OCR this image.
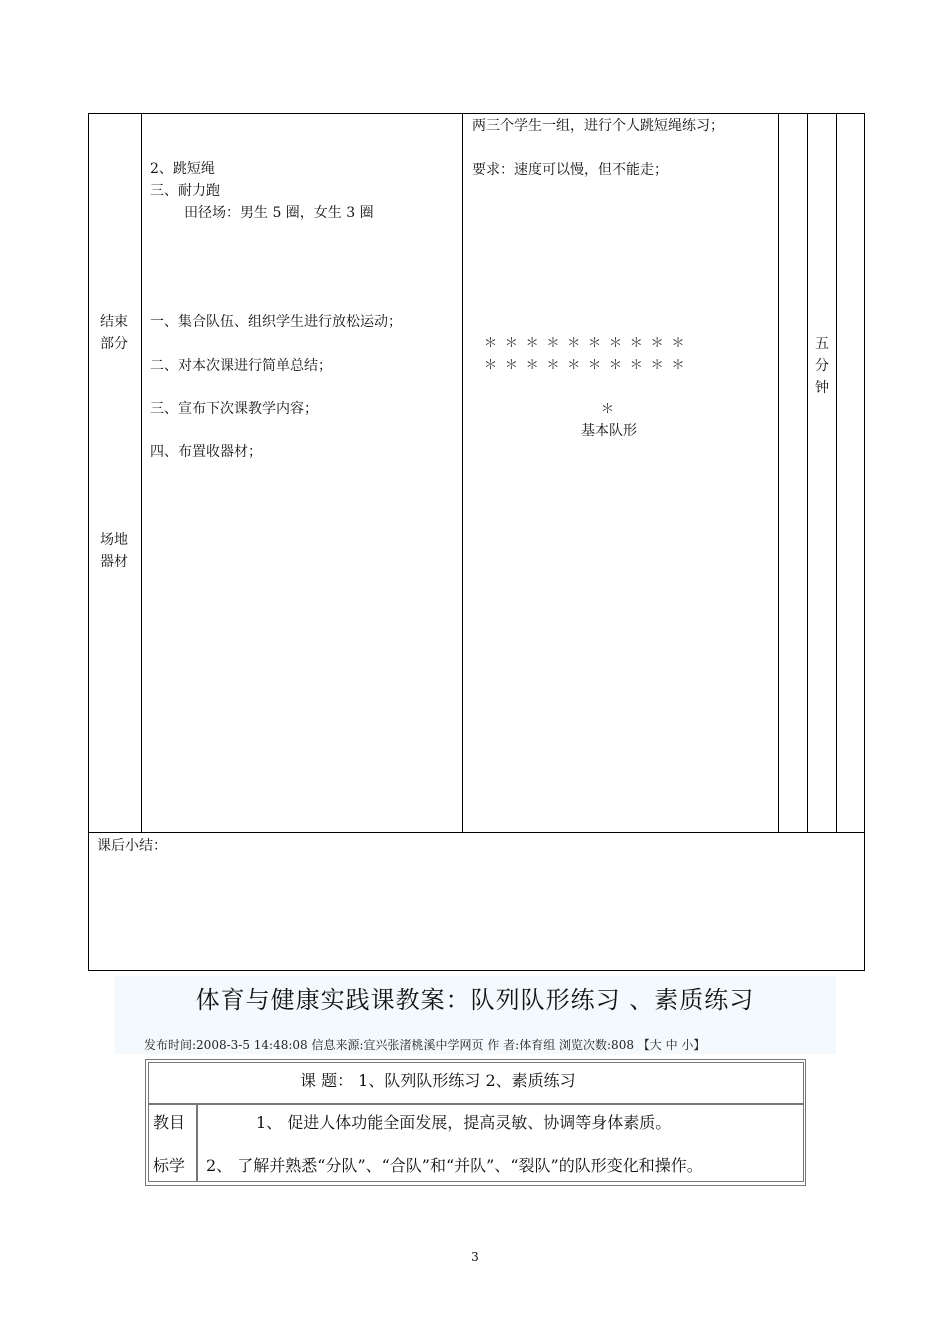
结束部分
场地器材
2、跳短绳
三、耐力跑
田径场：男生 5 圈，女生 3 圈
一、集合队伍、组织学生进行放松运动；
二、对本次课进行简单总结；
三、宣布下次课教学内容；
四、布置收器材；
两三个学生一组，进行个人跳短绳练习；
要求：速度可以慢，但不能走；
＊ ＊ ＊ ＊ ＊ ＊ ＊ ＊ ＊ ＊
＊ ＊ ＊ ＊ ＊ ＊ ＊ ＊ ＊ ＊
＊
基本队形
五分钟
课后小结：
体育与健康实践课教案：队列队形练习 、素质练习
发布时间:2008-3-5 14:48:08 信息来源:宜兴张渚桃溪中学网页 作 者:体育组 浏览次数:808 【大 中 小】
课 题： 1、队列队形练习 2、素质练习
教目
标学
1、 促进人体功能全面发展，提高灵敏、协调等身体素质。
2、 了解并熟悉“分队”、“合队”和“并队”、“裂队”的队形变化和操作。
3
